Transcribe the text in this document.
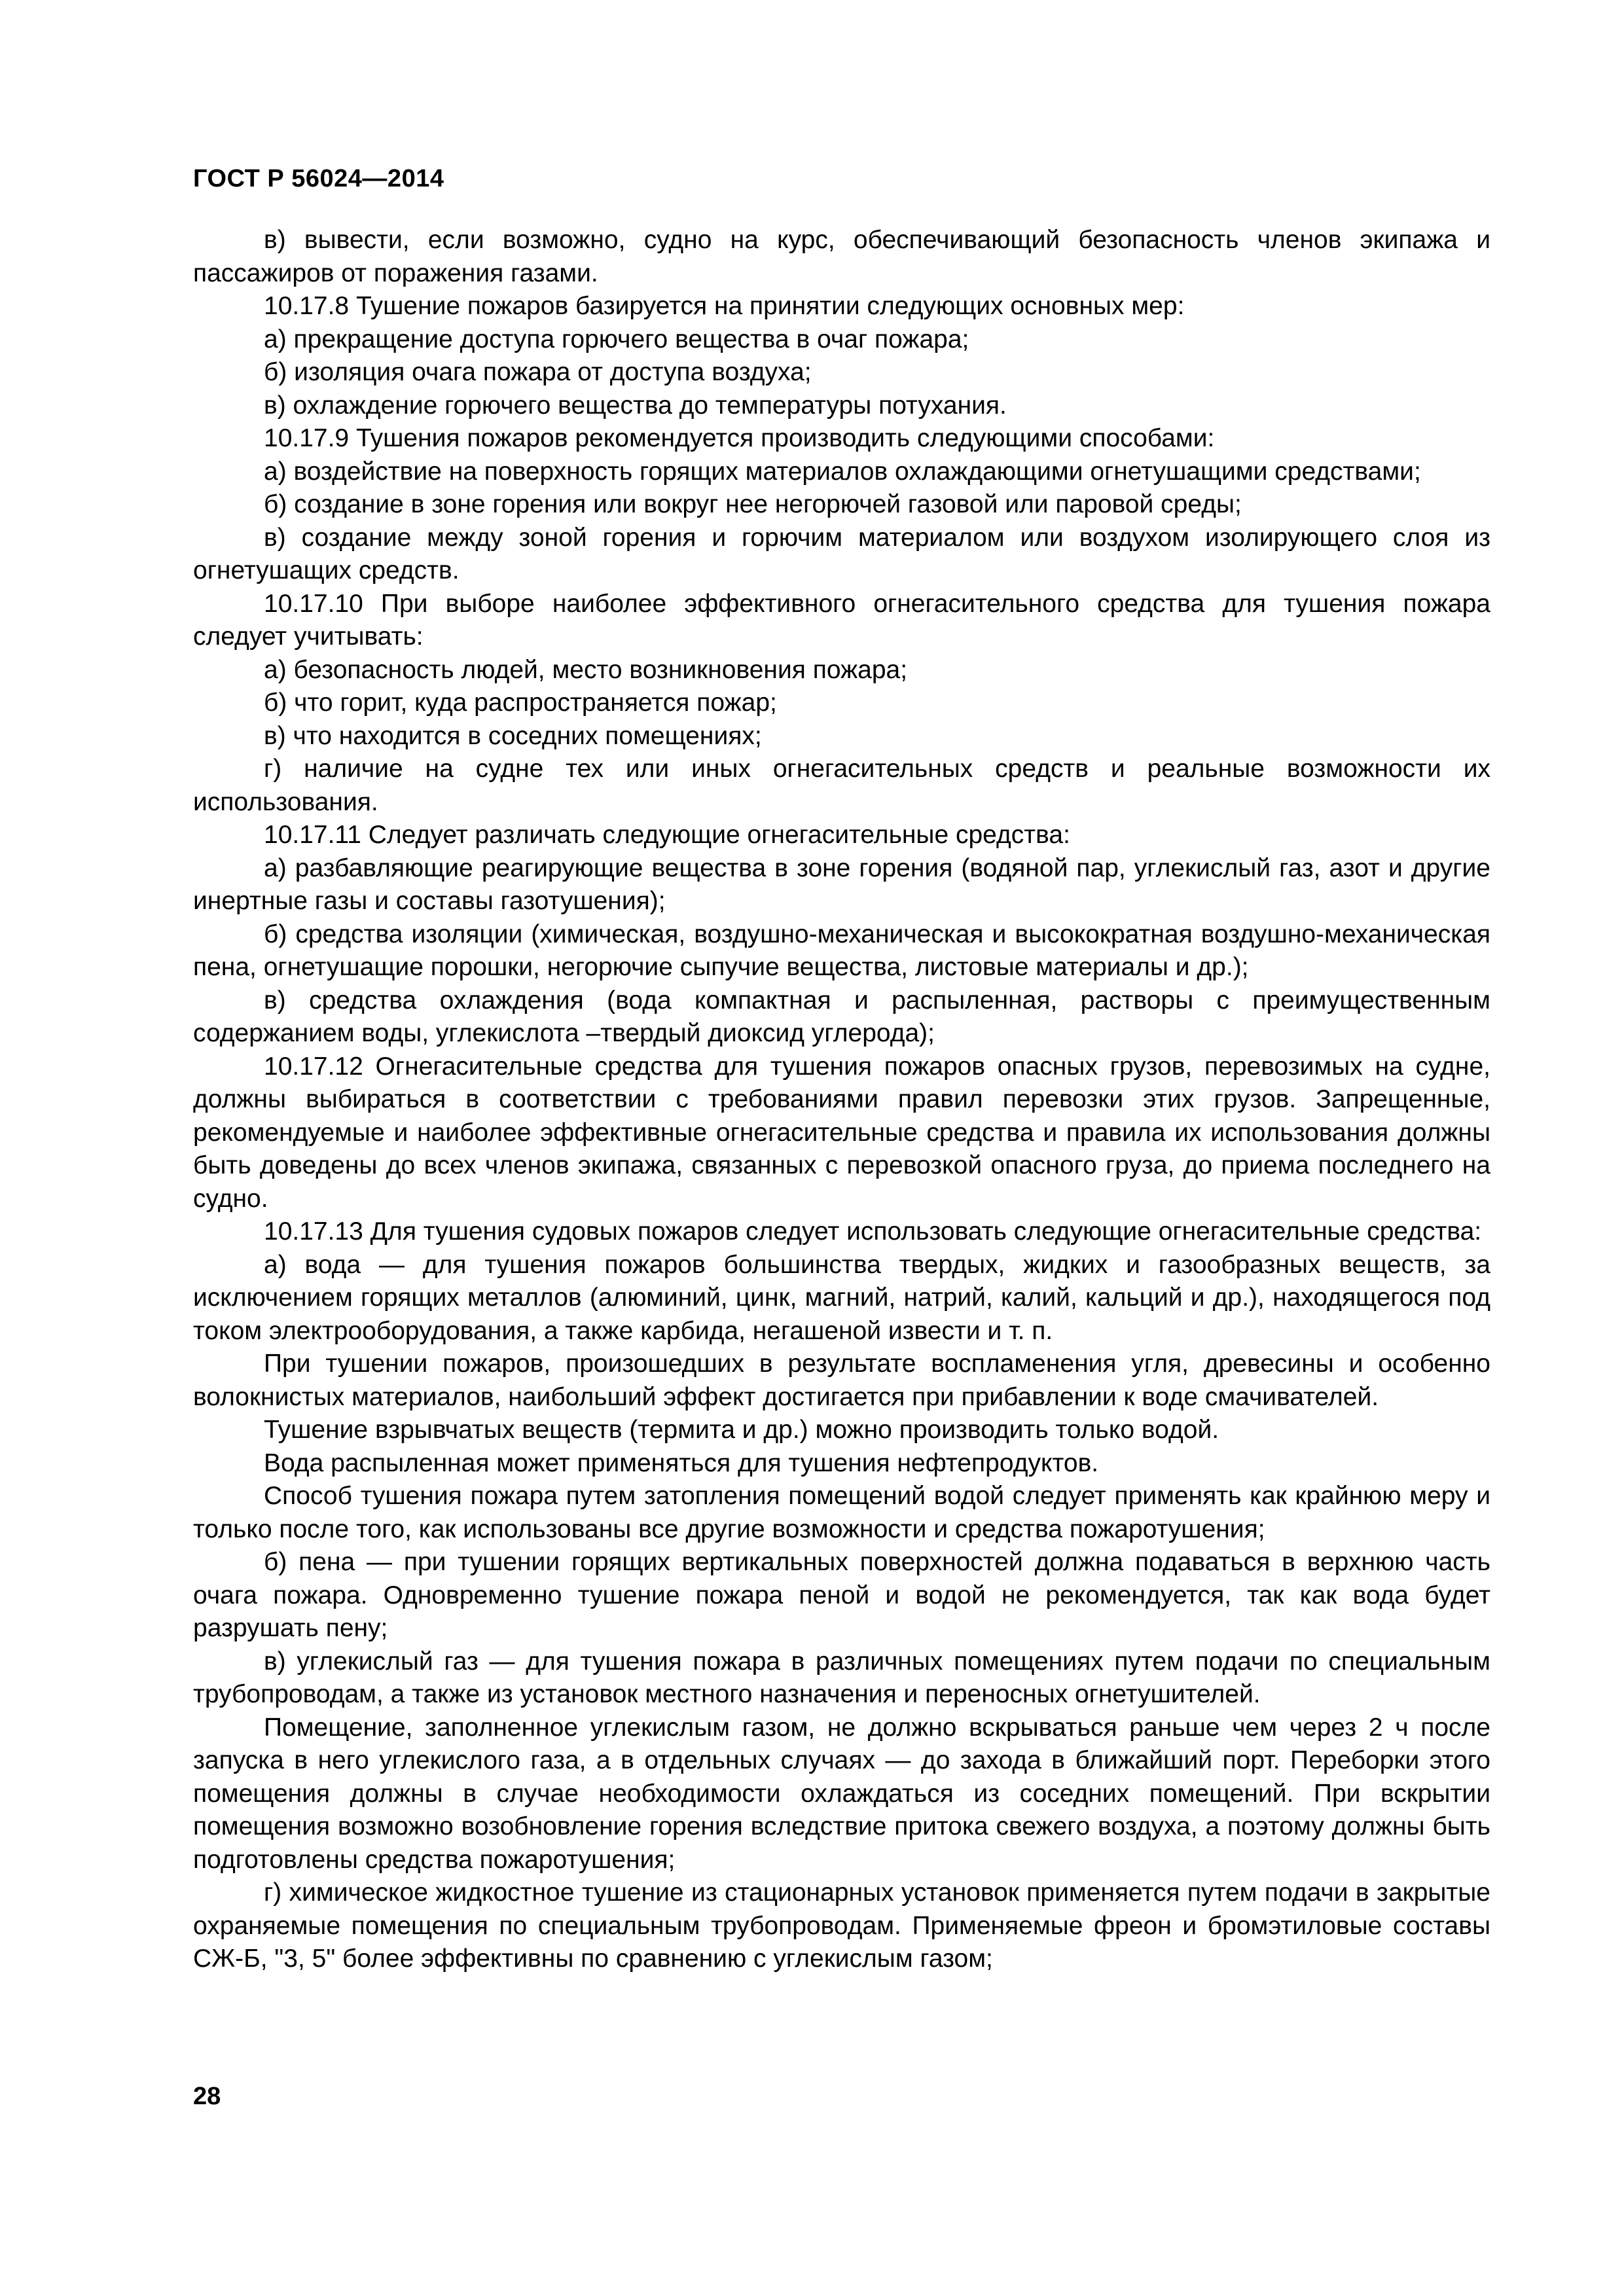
ГОСТ Р 56024—2014

в) вывести, если возможно, судно на курс, обеспечивающий безопасность членов экипажа и пассажиров от поражения газами.

10.17.8 Тушение пожаров базируется на принятии следующих основных мер:

а) прекращение доступа горючего вещества в очаг пожара;

б) изоляция очага пожара от доступа воздуха;

в) охлаждение горючего вещества до температуры потухания.

10.17.9 Тушения пожаров рекомендуется производить следующими способами:

а) воздействие на поверхность горящих материалов охлаждающими огнетушащими средствами;

б) создание в зоне горения или вокруг нее негорючей газовой или паровой среды;

в) создание между зоной горения и горючим материалом или воздухом изолирующего слоя из огнетушащих средств.

10.17.10 При выборе наиболее эффективного огнегасительного средства для тушения пожара следует учитывать:

а) безопасность людей, место возникновения пожара;

б) что горит, куда распространяется пожар;

в) что находится в соседних помещениях;

г) наличие на судне тех или иных огнегасительных средств и реальные возможности их использования.

10.17.11 Следует различать следующие огнегасительные средства:

а) разбавляющие реагирующие вещества в зоне горения (водяной пар, углекислый газ, азот и другие инертные газы и составы газотушения);

б) средства изоляции (химическая, воздушно-механическая и высокократная воздушно-механическая пена, огнетушащие порошки, негорючие сыпучие вещества, листовые материалы и др.);

в) средства охлаждения (вода компактная и распыленная, растворы с преимущественным содержанием воды, углекислота –твердый диоксид углерода);

10.17.12 Огнегасительные средства для тушения пожаров опасных грузов, перевозимых на судне, должны выбираться в соответствии с требованиями правил перевозки этих грузов. Запрещенные, рекомендуемые и наиболее эффективные огнегасительные средства и правила их использования должны быть доведены до всех членов экипажа, связанных с перевозкой опасного груза, до приема последнего на судно.

10.17.13 Для тушения судовых пожаров следует использовать следующие огнегасительные средства:

а) вода — для тушения пожаров большинства твердых, жидких и газообразных веществ, за исключением горящих металлов (алюминий, цинк, магний, натрий, калий, кальций и др.), находящегося под током электрооборудования, а также карбида, негашеной извести и т. п.

При тушении пожаров, произошедших в результате воспламенения угля, древесины и особенно волокнистых материалов, наибольший эффект достигается при прибавлении к воде смачивателей.

Тушение взрывчатых веществ (термита и др.) можно производить только водой.

Вода распыленная может применяться для тушения нефтепродуктов.

Способ тушения пожара путем затопления помещений водой следует применять как крайнюю меру и только после того, как использованы все другие возможности и средства пожаротушения;

б) пена — при тушении горящих вертикальных поверхностей должна подаваться в верхнюю часть очага пожара. Одновременно тушение пожара пеной и водой не рекомендуется, так как вода будет разрушать пену;

в) углекислый газ — для тушения пожара в различных помещениях путем подачи по специальным трубопроводам, а также из установок местного назначения и переносных огнетушителей.

Помещение, заполненное углекислым газом, не должно вскрываться раньше чем через 2 ч после запуска в него углекислого газа, а в отдельных случаях — до захода в ближайший порт. Переборки этого помещения должны в случае необходимости охлаждаться из соседних помещений. При вскрытии помещения возможно возобновление горения вследствие притока свежего воздуха, а поэтому должны быть подготовлены средства пожаротушения;

г) химическое жидкостное тушение из стационарных установок применяется путем подачи в закрытые охраняемые помещения по специальным трубопроводам. Применяемые фреон и бромэтиловые составы СЖ-Б, "3, 5" более эффективны по сравнению с углекислым газом;

28
